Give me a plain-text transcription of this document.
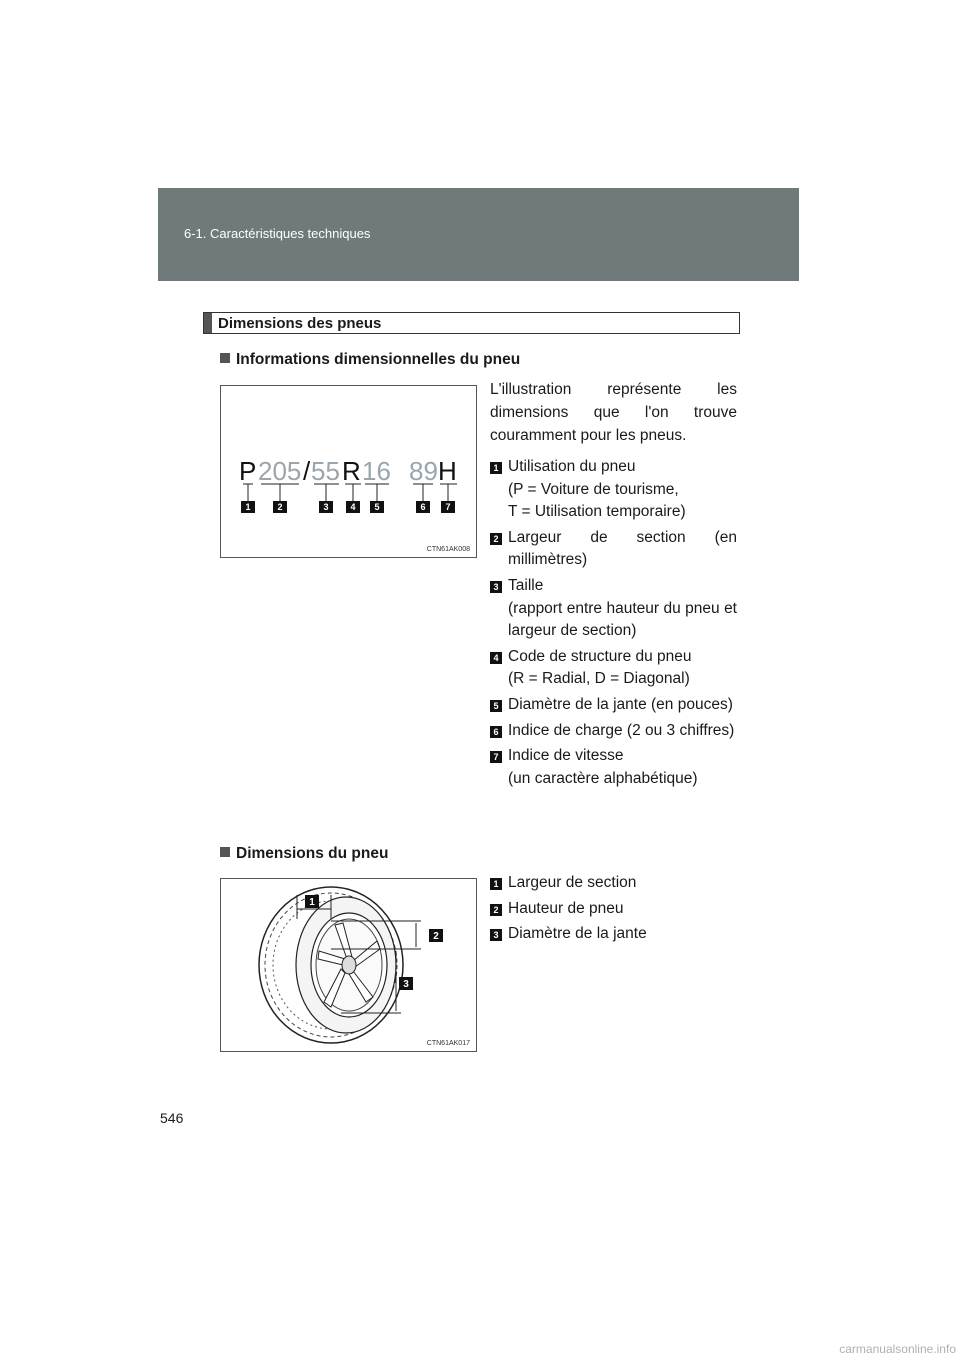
6-1. Caractéristiques techniques
Dimensions des pneus
Informations dimensionnelles du pneu
P 205 / 55 R 16 89 H
1	2	3 4 5	6 7
CTN61AK008
L'illustration représente les dimensions que l'on trouve couramment pour les pneus.
1 Utilisation du pneu
(P = Voiture de tourisme,
T = Utilisation temporaire)
2 Largeur de section (en millimètres)
3 Taille
(rapport entre hauteur du pneu et largeur de section)
4 Code de structure du pneu
(R = Radial, D = Diagonal)
5 Diamètre de la jante (en pouces)
6 Indice de charge (2 ou 3 chiffres)
7 Indice de vitesse
(un caractère alphabétique)
Dimensions du pneu
1
2
3
CTN61AK017
1 Largeur de section
2 Hauteur de pneu
3 Diamètre de la jante
546
carmanualsonline.info
